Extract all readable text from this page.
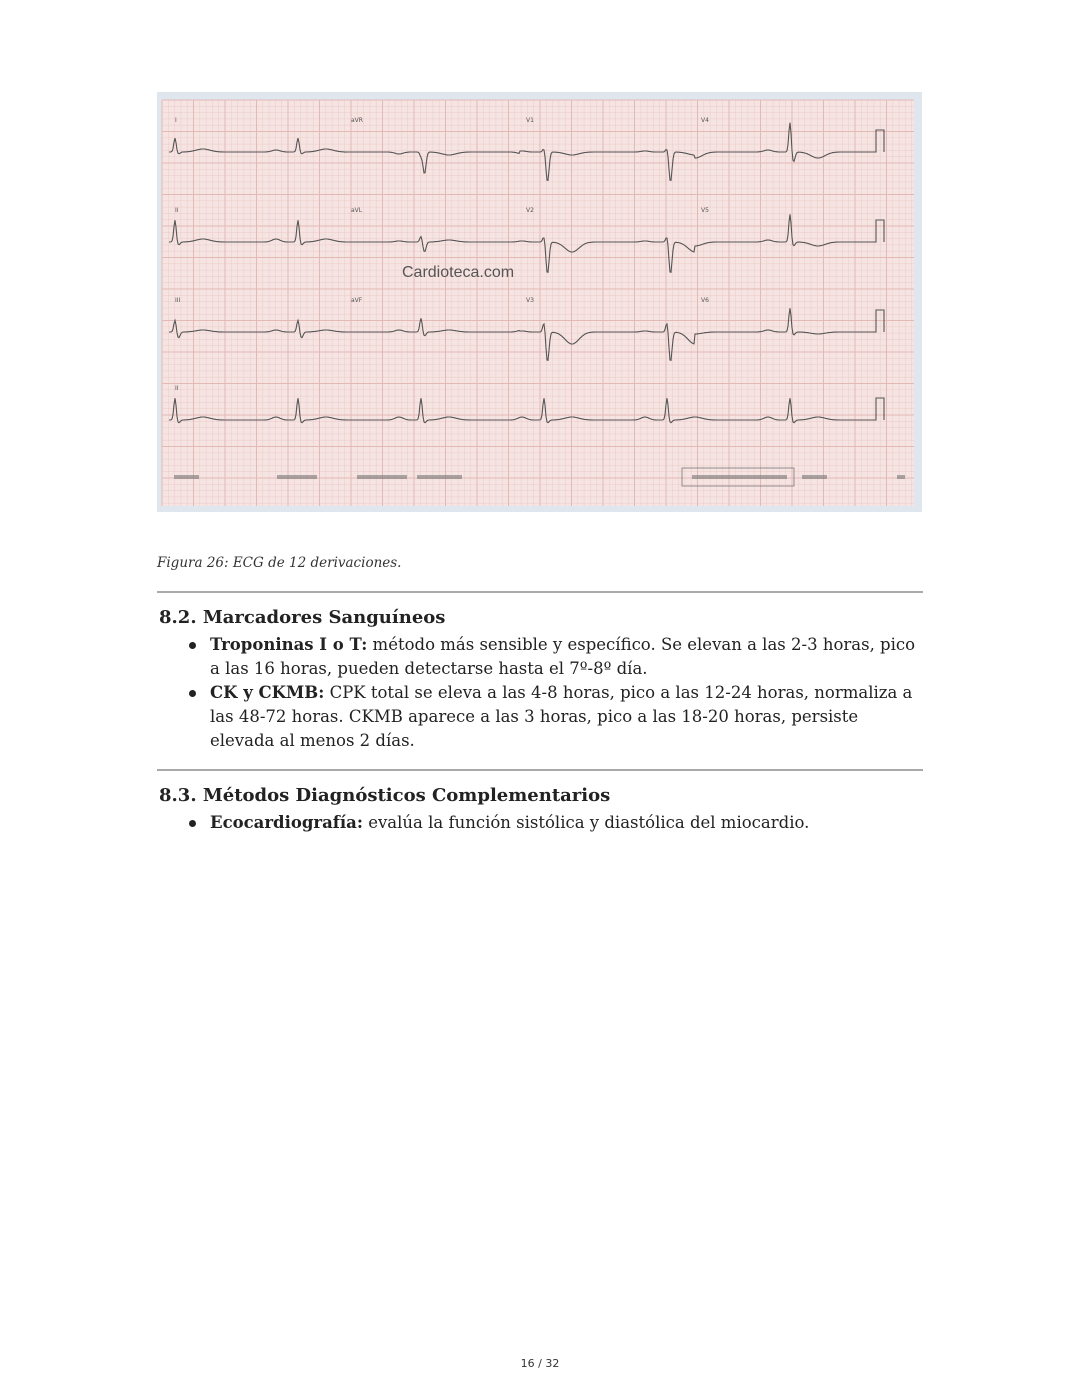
I	aVR	V1	V4
II	aVL	V2	V5
III	aVF	V3	V6
II
Cardioteca.com
Figura 26: ECG de 12 derivaciones.
8.2. Marcadores Sanguíneos
Troponinas I o T: método más sensible y específico. Se elevan a las 2-3 horas, pico a las 16 horas, pueden detectarse hasta el 7º-8º día.
CK y CKMB: CPK total se eleva a las 4-8 horas, pico a las 12-24 horas, normaliza a las 48-72 horas. CKMB aparece a las 3 horas, pico a las 18-20 horas, persiste elevada al menos 2 días.
8.3. Métodos Diagnósticos Complementarios
Ecocardiografía: evalúa la función sistólica y diastólica del miocardio.
16 / 32
